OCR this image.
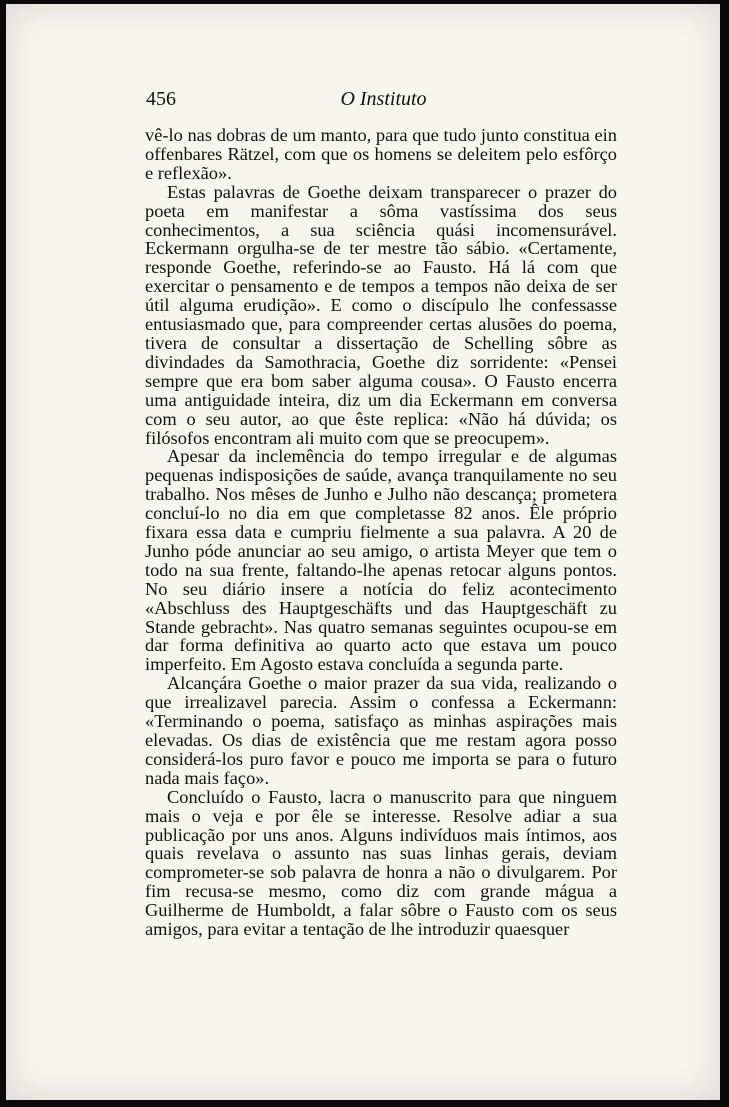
456	O Instituto

vê-lo nas dobras de um manto, para que tudo junto constitua ein offenbares Rätzel, com que os homens se deleitem pelo esfôrço e reflexão».

Estas palavras de Goethe deixam transparecer o prazer do poeta em manifestar a sôma vastíssima dos seus conhecimentos, a sua sciência quási incomensurável. Eckermann orgulha-se de ter mestre tão sábio. «Certamente, responde Goethe, referindo-se ao Fausto. Há lá com que exercitar o pensamento e de tempos a tempos não deixa de ser útil alguma erudição». E como o discípulo lhe confessasse entusiasmado que, para compreender certas alusões do poema, tivera de consultar a dissertação de Schelling sôbre as divindades da Samothracia, Goethe diz sorridente: «Pensei sempre que era bom saber alguma cousa». O Fausto encerra uma antiguidade inteira, diz um dia Eckermann em conversa com o seu autor, ao que êste replica: «Não há dúvida; os filósofos encontram ali muito com que se preocupem».

Apesar da inclemência do tempo irregular e de algumas pequenas indisposições de saúde, avança tranquilamente no seu trabalho. Nos mêses de Junho e Julho não descança; prometera concluí-lo no dia em que completasse 82 anos. Êle próprio fixara essa data e cumpriu fielmente a sua palavra. A 20 de Junho póde anunciar ao seu amigo, o artista Meyer que tem o todo na sua frente, faltando-lhe apenas retocar alguns pontos. No seu diário insere a notícia do feliz acontecimento «Abschluss des Hauptgeschäfts und das Hauptgeschäft zu Stande gebracht». Nas quatro semanas seguintes ocupou-se em dar forma definitiva ao quarto acto que estava um pouco imperfeito. Em Agosto estava concluída a segunda parte.

Alcançára Goethe o maior prazer da sua vida, realizando o que irrealizavel parecia. Assim o confessa a Eckermann: «Terminando o poema, satisfaço as minhas aspirações mais elevadas. Os dias de existência que me restam agora posso considerá-los puro favor e pouco me importa se para o futuro nada mais faço».

Concluído o Fausto, lacra o manuscrito para que ninguem mais o veja e por êle se interesse. Resolve adiar a sua publicação por uns anos. Alguns indivíduos mais íntimos, aos quais revelava o assunto nas suas linhas gerais, deviam comprometer-se sob palavra de honra a não o divulgarem. Por fim recusa-se mesmo, como diz com grande mágua a Guilherme de Humboldt, a falar sôbre o Fausto com os seus amigos, para evitar a tentação de lhe introduzir quaesquer
